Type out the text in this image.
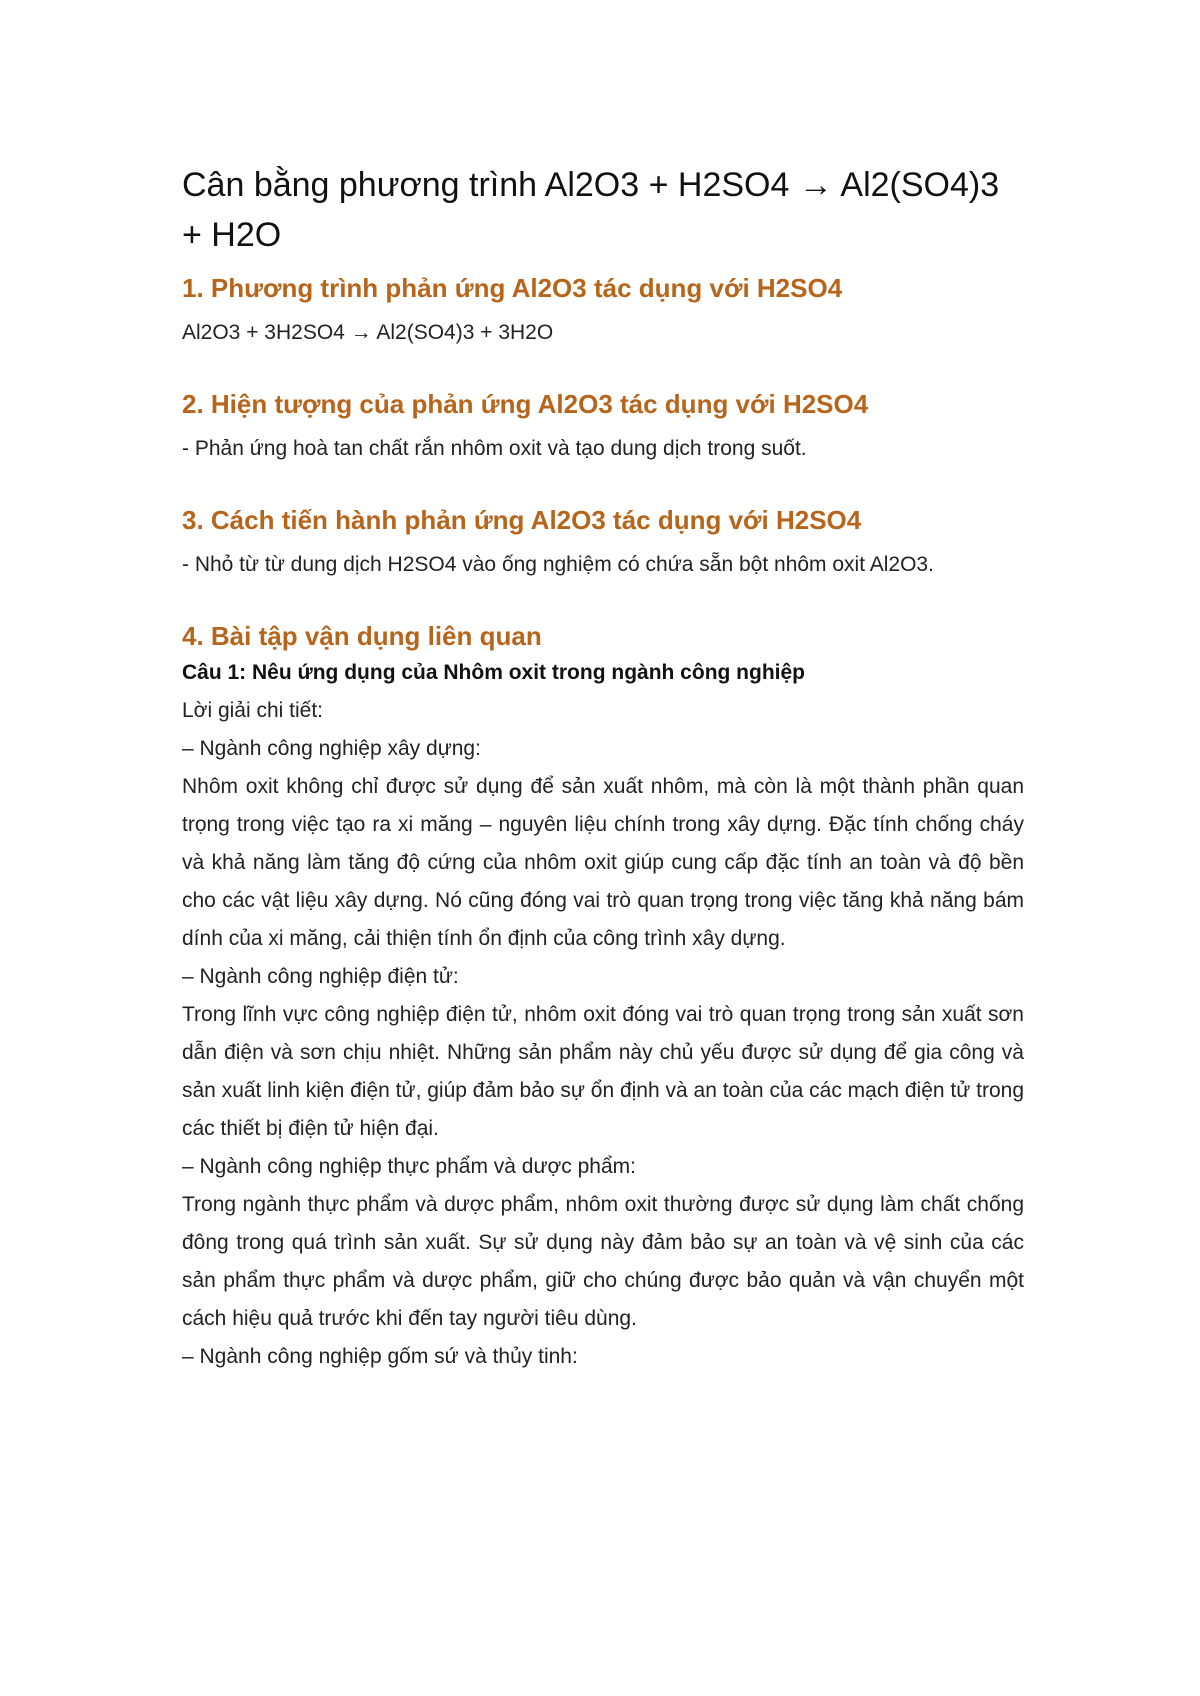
Cân bằng phương trình Al2O3 + H2SO4 → Al2(SO4)3 + H2O
1. Phương trình phản ứng Al2O3 tác dụng với H2SO4

Al2O3 + 3H2SO4 → Al2(SO4)3 + 3H2O

2. Hiện tượng của phản ứng Al2O3 tác dụng với H2SO4

- Phản ứng hoà tan chất rắn nhôm oxit và tạo dung dịch trong suốt.

3. Cách tiến hành phản ứng Al2O3 tác dụng với H2SO4

- Nhỏ từ từ dung dịch H2SO4 vào ống nghiệm có chứa sẵn bột nhôm oxit Al2O3.

4. Bài tập vận dụng liên quan

Câu 1: Nêu ứng dụng của Nhôm oxit trong ngành công nghiệp

Lời giải chi tiết:

– Ngành công nghiệp xây dựng:

Nhôm oxit không chỉ được sử dụng để sản xuất nhôm, mà còn là một thành phần quan trọng trong việc tạo ra xi măng – nguyên liệu chính trong xây dựng. Đặc tính chống cháy và khả năng làm tăng độ cứng của nhôm oxit giúp cung cấp đặc tính an toàn và độ bền cho các vật liệu xây dựng. Nó cũng đóng vai trò quan trọng trong việc tăng khả năng bám dính của xi măng, cải thiện tính ổn định của công trình xây dựng.

– Ngành công nghiệp điện tử:

Trong lĩnh vực công nghiệp điện tử, nhôm oxit đóng vai trò quan trọng trong sản xuất sơn dẫn điện và sơn chịu nhiệt. Những sản phẩm này chủ yếu được sử dụng để gia công và sản xuất linh kiện điện tử, giúp đảm bảo sự ổn định và an toàn của các mạch điện tử trong các thiết bị điện tử hiện đại.

– Ngành công nghiệp thực phẩm và dược phẩm:

Trong ngành thực phẩm và dược phẩm, nhôm oxit thường được sử dụng làm chất chống đông trong quá trình sản xuất. Sự sử dụng này đảm bảo sự an toàn và vệ sinh của các sản phẩm thực phẩm và dược phẩm, giữ cho chúng được bảo quản và vận chuyển một cách hiệu quả trước khi đến tay người tiêu dùng.

– Ngành công nghiệp gốm sứ và thủy tinh:
